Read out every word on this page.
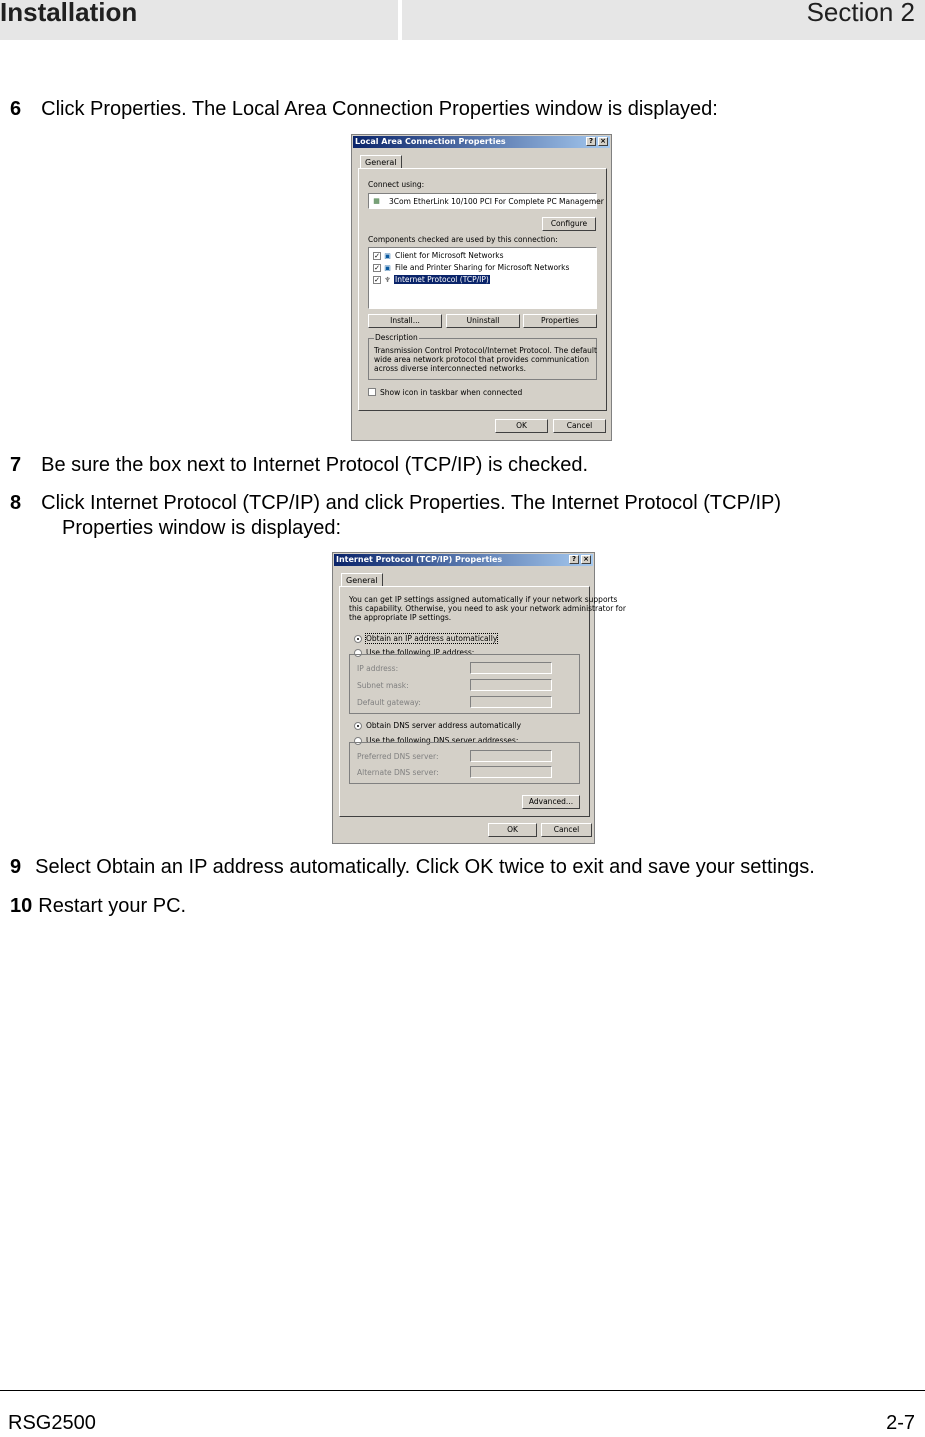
Installation	Section 2
6 Click Properties. The Local Area Connection Properties window is displayed:
Local Area Connection Properties	?	×
General
Connect using:
▦ 3Com EtherLink 10/100 PCI For Complete PC Managemer
Configure
Components checked are used by this connection:
✓ ▣ Client for Microsoft Networks
✓ ▣ File and Printer Sharing for Microsoft Networks
✓ ♆ Internet Protocol (TCP/IP)
Install...	Uninstall	Properties
Description
Transmission Control Protocol/Internet Protocol. The default
wide area network protocol that provides communication
across diverse interconnected networks.
Show icon in taskbar when connected
OK	Cancel
7 Be sure the box next to Internet Protocol (TCP/IP) is checked.
8 Click Internet Protocol (TCP/IP) and click Properties. The Internet Protocol (TCP/IP)
Properties window is displayed:
Internet Protocol (TCP/IP) Properties	?	×
General
You can get IP settings assigned automatically if your network supports
this capability. Otherwise, you need to ask your network administrator for
the appropriate IP settings.
Obtain an IP address automatically
Use the following IP address:
IP address:
Subnet mask:
Default gateway:
Obtain DNS server address automatically
Use the following DNS server addresses:
Preferred DNS server:
Alternate DNS server:
Advanced...
OK	Cancel
9 Select Obtain an IP address automatically. Click OK twice to exit and save your settings.
10 Restart your PC.
RSG2500	2-7
